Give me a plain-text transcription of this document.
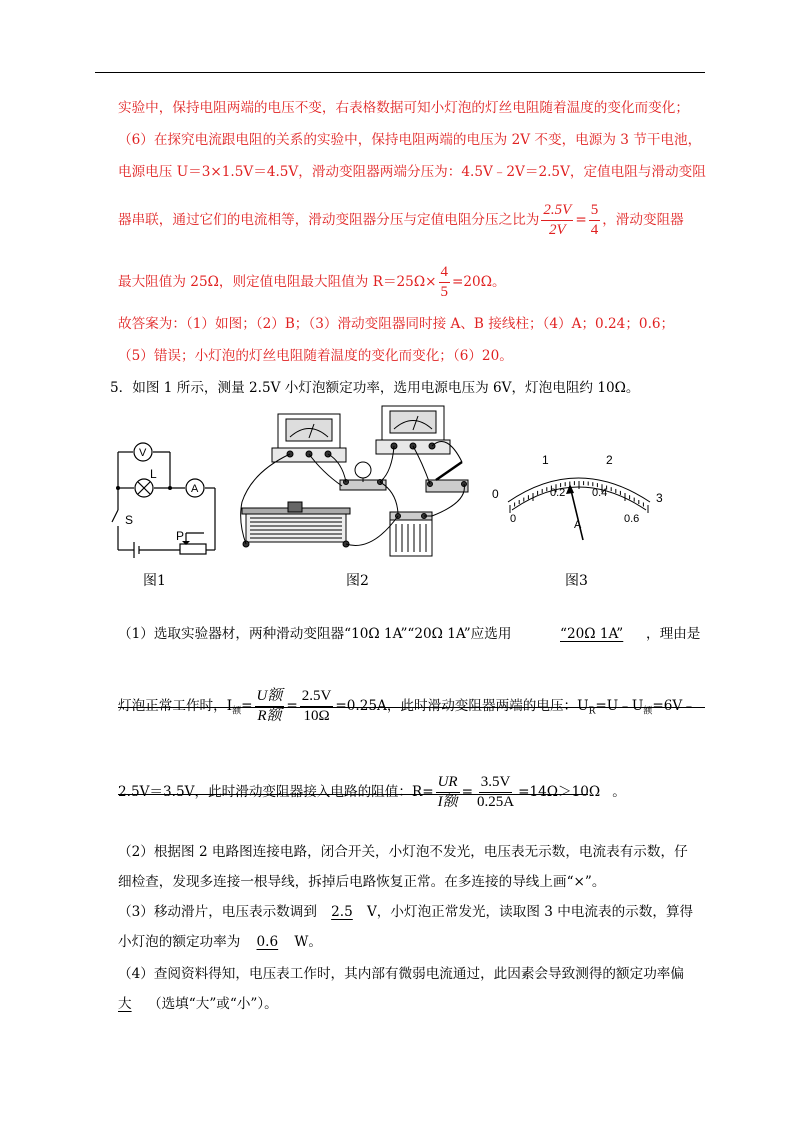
实验中，保持电阻两端的电压不变，右表格数据可知小灯泡的灯丝电阻随着温度的变化而变化；
（6）在探究电流跟电阻的关系的实验中，保持电阻两端的电压为 2V 不变，电源为 3 节干电池，
电源电压 U＝3×1.5V＝4.5V，滑动变阻器两端分压为：4.5V﹣2V＝2.5V，定值电阻与滑动变阻
器串联，通过它们的电流相等，滑动变阻器分压与定值电阻分压之比为 $\frac{2.5V}{2V} = \frac{5}{4}$ ，滑动变阻器
最大阻值为 25Ω，则定值电阻最大阻值为 $R=25\Omega\times \frac{4}{5} =20\Omega$。
故答案为：（1）如图；（2）B；（3）滑动变阻器同时接 A、B 接线柱；（4）A；0.24；0.6；
（5）错误；小灯泡的灯丝电阻随着温度的变化而变化；（6）20。
5．如图 1 所示，测量 2.5V 小灯泡额定功率，选用电源电压为 6V，灯泡电阻约 10Ω。
V
L
A
S
P
图1	图2
0
1	2
3
0
0.2 0.4
0.6
A
图3
（1）选取实验器材，两种滑动变阻器“10Ω 1A”“20Ω 1A”应选用	“20Ω 1A” ，理由是
灯泡正常工作时，$I_额= \frac{\text{U额}}{\text{R额}} = \frac{2.5V}{10\Omega} =0.25A$，此时滑动变阻器两端的电压：$U_R=U﹣U_额=6V﹣$
2.5V＝3.5V，此时滑动变阻器接入电路的阻值：$R= \frac{UR}{\text{I额}} = \frac{3.5V}{0.25A} =14\Omega>10\Omega$ 。
（2）根据图 2 电路图连接电路，闭合开关，小灯泡不发光，电压表无示数，电流表有示数，仔
细检查，发现多连接一根导线，拆掉后电路恢复正常。在多连接的导线上画“×”。
（3）移动滑片，电压表示数调到 2.5 V，小灯泡正常发光，读取图 3 中电流表的示数，算得
小灯泡的额定功率为 0.6 W。
（4）查阅资料得知，电压表工作时，其内部有微弱电流通过，此因素会导致测得的额定功率偏
大 （选填“大”或“小”）。
